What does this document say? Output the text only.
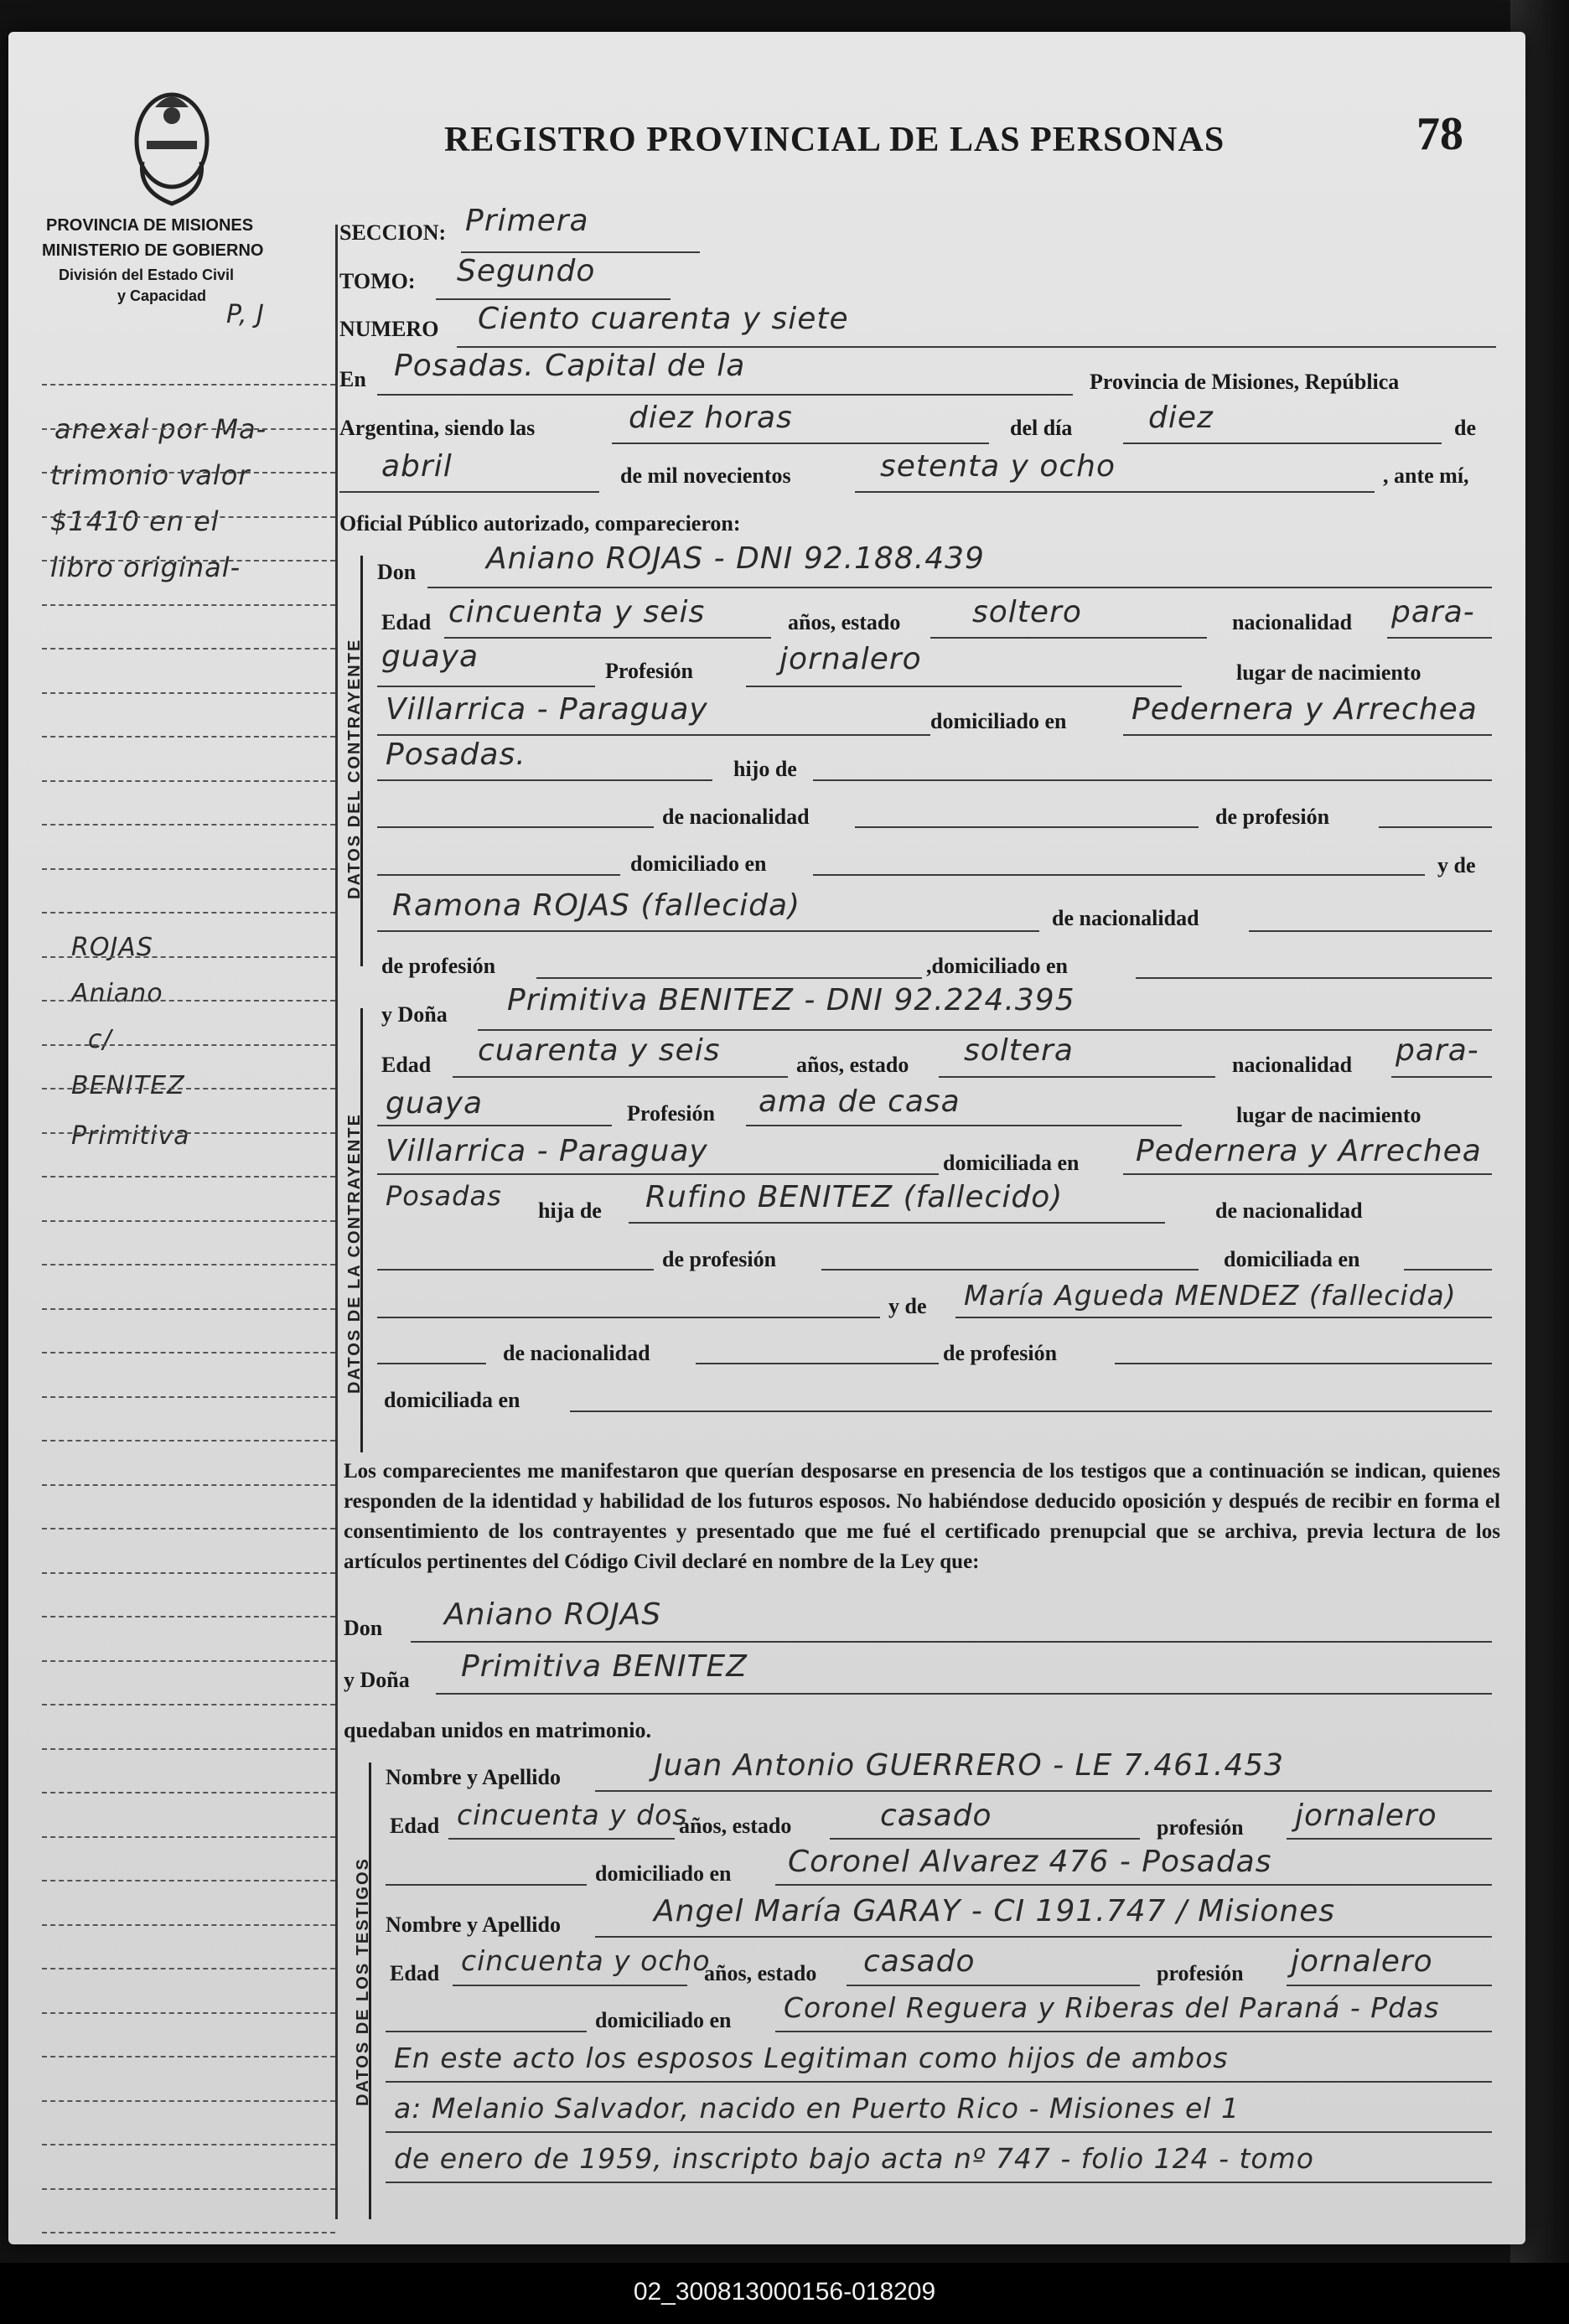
PROVINCIA DE MISIONES
MINISTERIO DE GOBIERNO
División del Estado Civil
y Capacidad
P, J
REGISTRO PROVINCIAL DE LAS PERSONAS	78
anexal por Ma-
trimonio valor
$1410 en el
libro original-
ROJAS
Aniano
c/
BENITEZ
Primitiva
SECCION: Primera
TOMO: Segundo
NUMERO Ciento cuarenta y siete
En Posadas. Capital de la	Provincia de Misiones, República
Argentina, siendo las	diez horas	del día	diez	de
abril	de mil novecientos	setenta y ocho	, ante mí,
Oficial Público autorizado, comparecieron:
DATOS DEL CONTRAYENTE
Don Aniano ROJAS - DNI 92.188.439
Edad cincuenta y seis	años, estado soltero	nacionalidad para-
guaya	Profesión	jornalero	lugar de nacimiento
Villarrica - Paraguay	domiciliado en Pedernera y Arrechea
Posadas.	hijo de
de nacionalidad	de profesión
domiciliado en	y de
Ramona ROJAS (fallecida)	de nacionalidad
de profesión	,domiciliado en
DATOS DE LA CONTRAYENTE
y Doña Primitiva BENITEZ - DNI 92.224.395
Edad cuarenta y seis	años, estado soltera	nacionalidad para-
guaya	Profesión ama de casa	lugar de nacimiento
Villarrica - Paraguay	domiciliada en Pedernera y Arrechea
Posadas hija de Rufino BENITEZ (fallecido)	de nacionalidad
de profesión	domiciliada en
y de María Agueda MENDEZ (fallecida)
de nacionalidad	de profesión
domiciliada en
Los comparecientes me manifestaron que querían desposarse en presencia de los testigos que a continuación se indican, quienes responden de la identidad y habilidad de los futuros esposos. No habiéndose deducido oposición y después de recibir en forma el consentimiento de los contrayentes y presentado que me fué el certificado prenupcial que se archiva, previa lectura de los artículos pertinentes del Código Civil declaré en nombre de la Ley que:
Don Aniano ROJAS
y Doña Primitiva BENITEZ
quedaban unidos en matrimonio.
DATOS DE LOS TESTIGOS
Nombre y Apellido	Juan Antonio GUERRERO - LE 7.461.453
Edad cincuenta y dos
años, estado	casado	profesión jornalero
domiciliado en Coronel Alvarez 476 - Posadas
Nombre y Apellido	Angel María GARAY - CI 191.747 / Misiones
Edad cincuenta y ocho
años, estado casado	profesión jornalero
domiciliado en Coronel Reguera y Riberas del Paraná - Pdas
En este acto los esposos Legitiman como hijos de ambos
a: Melanio Salvador, nacido en Puerto Rico - Misiones el 1
de enero de 1959, inscripto bajo acta nº 747 - folio 124 - tomo
02_300813000156-018209
